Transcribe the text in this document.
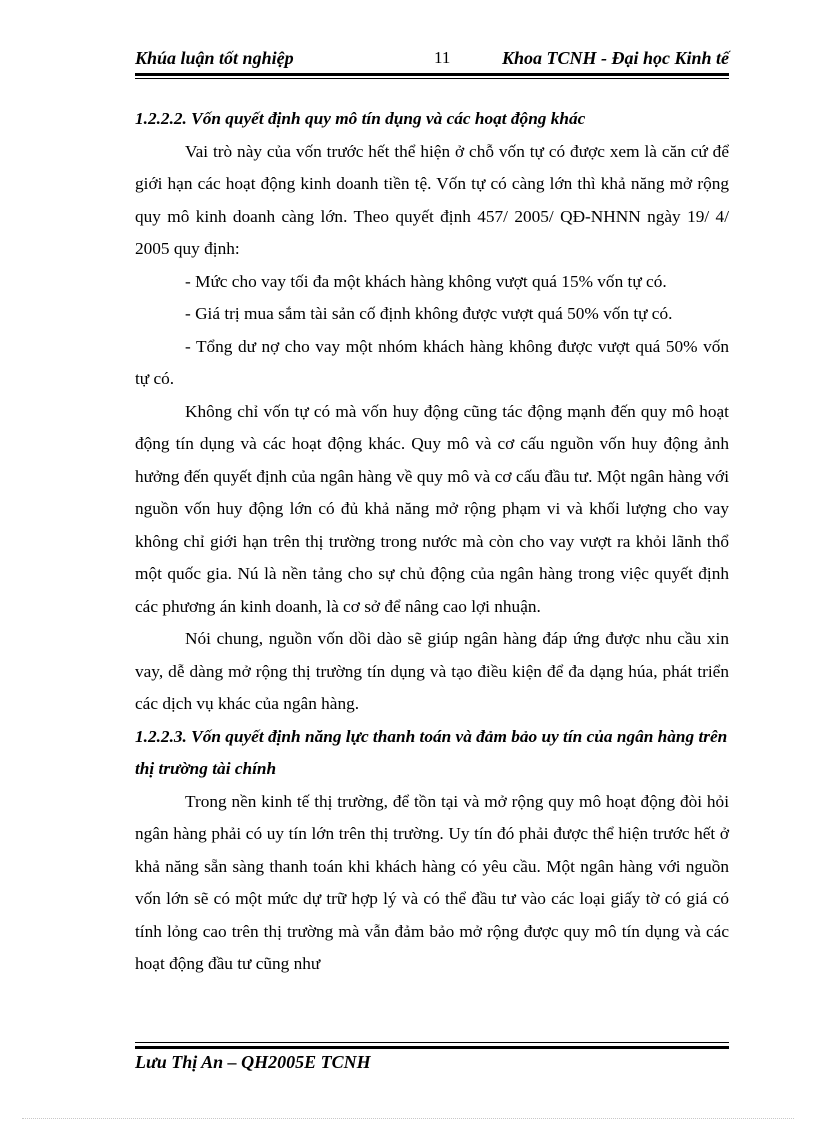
Khúa luận tốt nghiệp	11	Khoa TCNH - Đại học Kinh tế

1.2.2.2. Vốn quyết định quy mô tín dụng và các hoạt động khác

Vai trò này của vốn trước hết thể hiện ở chỗ vốn tự có được xem là căn cứ để giới hạn các hoạt động kinh doanh tiền tệ. Vốn tự có càng lớn thì khả năng mở rộng quy mô kinh doanh càng lớn. Theo quyết định 457/ 2005/ QĐ-NHNN ngày 19/ 4/ 2005 quy định:

- Mức cho vay tối đa một khách hàng không vượt quá 15% vốn tự có.

- Giá trị mua sắm tài sản cố định không được vượt quá 50% vốn tự có.

- Tổng dư nợ cho vay một nhóm khách hàng không được vượt quá 50% vốn tự có.

Không chỉ vốn tự có mà vốn huy động cũng tác động mạnh đến quy mô hoạt động tín dụng và các hoạt động khác. Quy mô và cơ cấu nguồn vốn huy động ảnh hưởng đến quyết định của ngân hàng về quy mô và cơ cấu đầu tư. Một ngân hàng với nguồn vốn huy động lớn có đủ khả năng mở rộng phạm vi và khối lượng cho vay không chỉ giới hạn trên thị trường trong nước mà còn cho vay vượt ra khỏi lãnh thổ một quốc gia. Nú là nền tảng cho sự chủ động của ngân hàng trong việc quyết định các phương án kinh doanh, là cơ sở để nâng cao lợi nhuận.

Nói chung, nguồn vốn dồi dào sẽ giúp ngân hàng đáp ứng được nhu cầu xin vay, dễ dàng mở rộng thị trường tín dụng và tạo điều kiện để đa dạng húa, phát triển các dịch vụ khác của ngân hàng.

1.2.2.3. Vốn quyết định năng lực thanh toán và đảm bảo uy tín của ngân hàng trên thị trường tài chính

Trong nền kinh tế thị trường, để tồn tại và mở rộng quy mô hoạt động đòi hỏi ngân hàng phải có uy tín lớn trên thị trường. Uy tín đó phải được thể hiện trước hết ở khả năng sẵn sàng thanh toán khi khách hàng có yêu cầu. Một ngân hàng với nguồn vốn lớn sẽ có một mức dự trữ hợp lý và có thể đầu tư vào các loại giấy tờ có giá có tính lỏng cao trên thị trường mà vẫn đảm bảo mở rộng được quy mô tín dụng và các hoạt động đầu tư cũng như

Lưu Thị An – QH2005E TCNH
